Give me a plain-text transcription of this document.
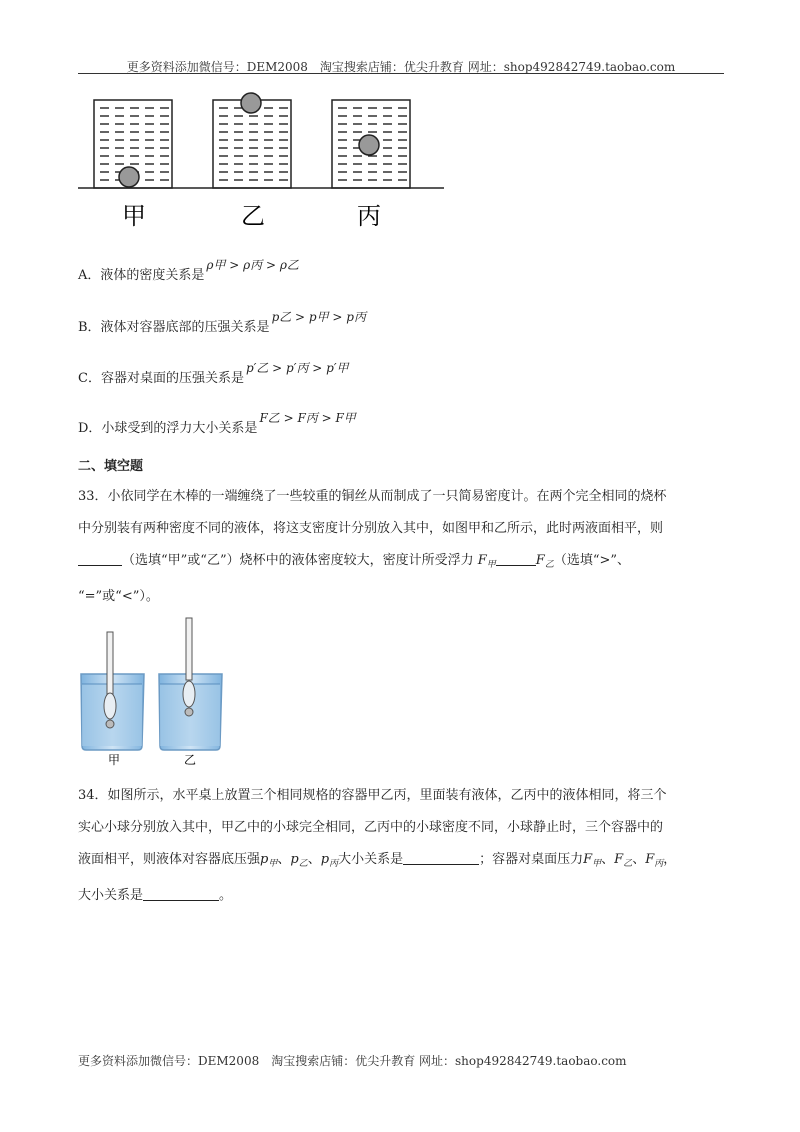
更多资料添加微信号：DEM2008　淘宝搜索店铺：优尖升教育 网址：shop492842749.taobao.com
甲	乙	丙
A．液体的密度关系是ρ甲 > ρ丙 > ρ乙
B．液体对容器底部的压强关系是p乙 > p甲 > p丙
C．容器对桌面的压强关系是p′乙 > p′丙 > p′甲
D．小球受到的浮力大小关系是F乙 > F丙 > F甲
二、填空题
33．小依同学在木棒的一端缠绕了一些较重的铜丝从而制成了一只简易密度计。在两个完全相同的烧杯
中分别装有两种密度不同的液体，将这支密度计分别放入其中，如图甲和乙所示，此时两液面相平，则
（选填“甲”或“乙”）烧杯中的液体密度较大，密度计所受浮力 $F_甲$	$F_乙$（选填“>”、
“=”或“<”）。
甲	乙
34．如图所示，水平桌上放置三个相同规格的容器甲乙丙，里面装有液体，乙丙中的液体相同，将三个
实心小球分别放入其中，甲乙中的小球完全相同，乙丙中的小球密度不同，小球静止时，三个容器中的
液面相平，则液体对容器底压强$p_甲$、$p_乙$、$p_丙$大小关系是	；容器对桌面压力$F_甲$、$F_乙$、$F_丙$，
大小关系是	。
更多资料添加微信号：DEM2008　淘宝搜索店铺：优尖升教育 网址：shop492842749.taobao.com
